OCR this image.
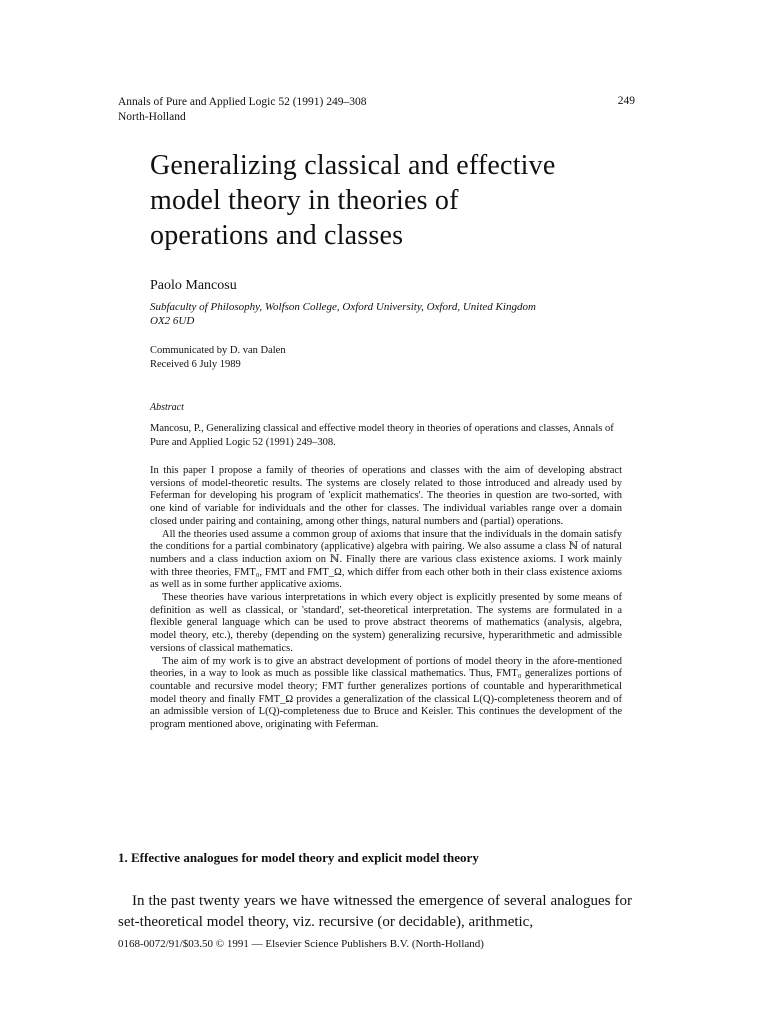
Annals of Pure and Applied Logic 52 (1991) 249–308
North-Holland
249
Generalizing classical and effective
model theory in theories of
operations and classes
Paolo Mancosu
Subfaculty of Philosophy, Wolfson College, Oxford University, Oxford, United Kingdom
OX2 6UD
Communicated by D. van Dalen
Received 6 July 1989
Abstract
Mancosu, P., Generalizing classical and effective model theory in theories of operations and classes, Annals of Pure and Applied Logic 52 (1991) 249–308.

In this paper I propose a family of theories of operations and classes with the aim of developing abstract versions of model-theoretic results. The systems are closely related to those introduced and already used by Feferman for developing his program of 'explicit mathematics'. The theories in question are two-sorted, with one kind of variable for individuals and the other for classes. The individual variables range over a domain closed under pairing and containing, among other things, natural numbers and (partial) operations.

All the theories used assume a common group of axioms that insure that the individuals in the domain satisfy the conditions for a partial combinatory (applicative) algebra with pairing. We also assume a class ℕ of natural numbers and a class induction axiom on ℕ. Finally there are various class existence axioms. I work mainly with three theories, FMT₀, FMT and FMT_Ω, which differ from each other both in their class existence axioms as well as in some further applicative axioms.

These theories have various interpretations in which every object is explicitly presented by some means of definition as well as classical, or 'standard', set-theoretical interpretation. The systems are formulated in a flexible general language which can be used to prove abstract theorems of mathematics (analysis, algebra, model theory, etc.), thereby (depending on the system) generalizing recursive, hyperarithmetic and admissible versions of classical mathematics.

The aim of my work is to give an abstract development of portions of model theory in the afore-mentioned theories, in a way to look as much as possible like classical mathematics. Thus, FMT₀ generalizes portions of countable and recursive model theory; FMT further generalizes portions of countable and hyperarithmetical model theory and finally FMT_Ω provides a generalization of the classical L(Q)-completeness theorem and of an admissible version of L(Q)-completeness due to Bruce and Keisler. This continues the development of the program mentioned above, originating with Feferman.

1. Effective analogues for model theory and explicit model theory

In the past twenty years we have witnessed the emergence of several analogues for set-theoretical model theory, viz. recursive (or decidable), arithmetic,

0168-0072/91/$03.50 © 1991 — Elsevier Science Publishers B.V. (North-Holland)
